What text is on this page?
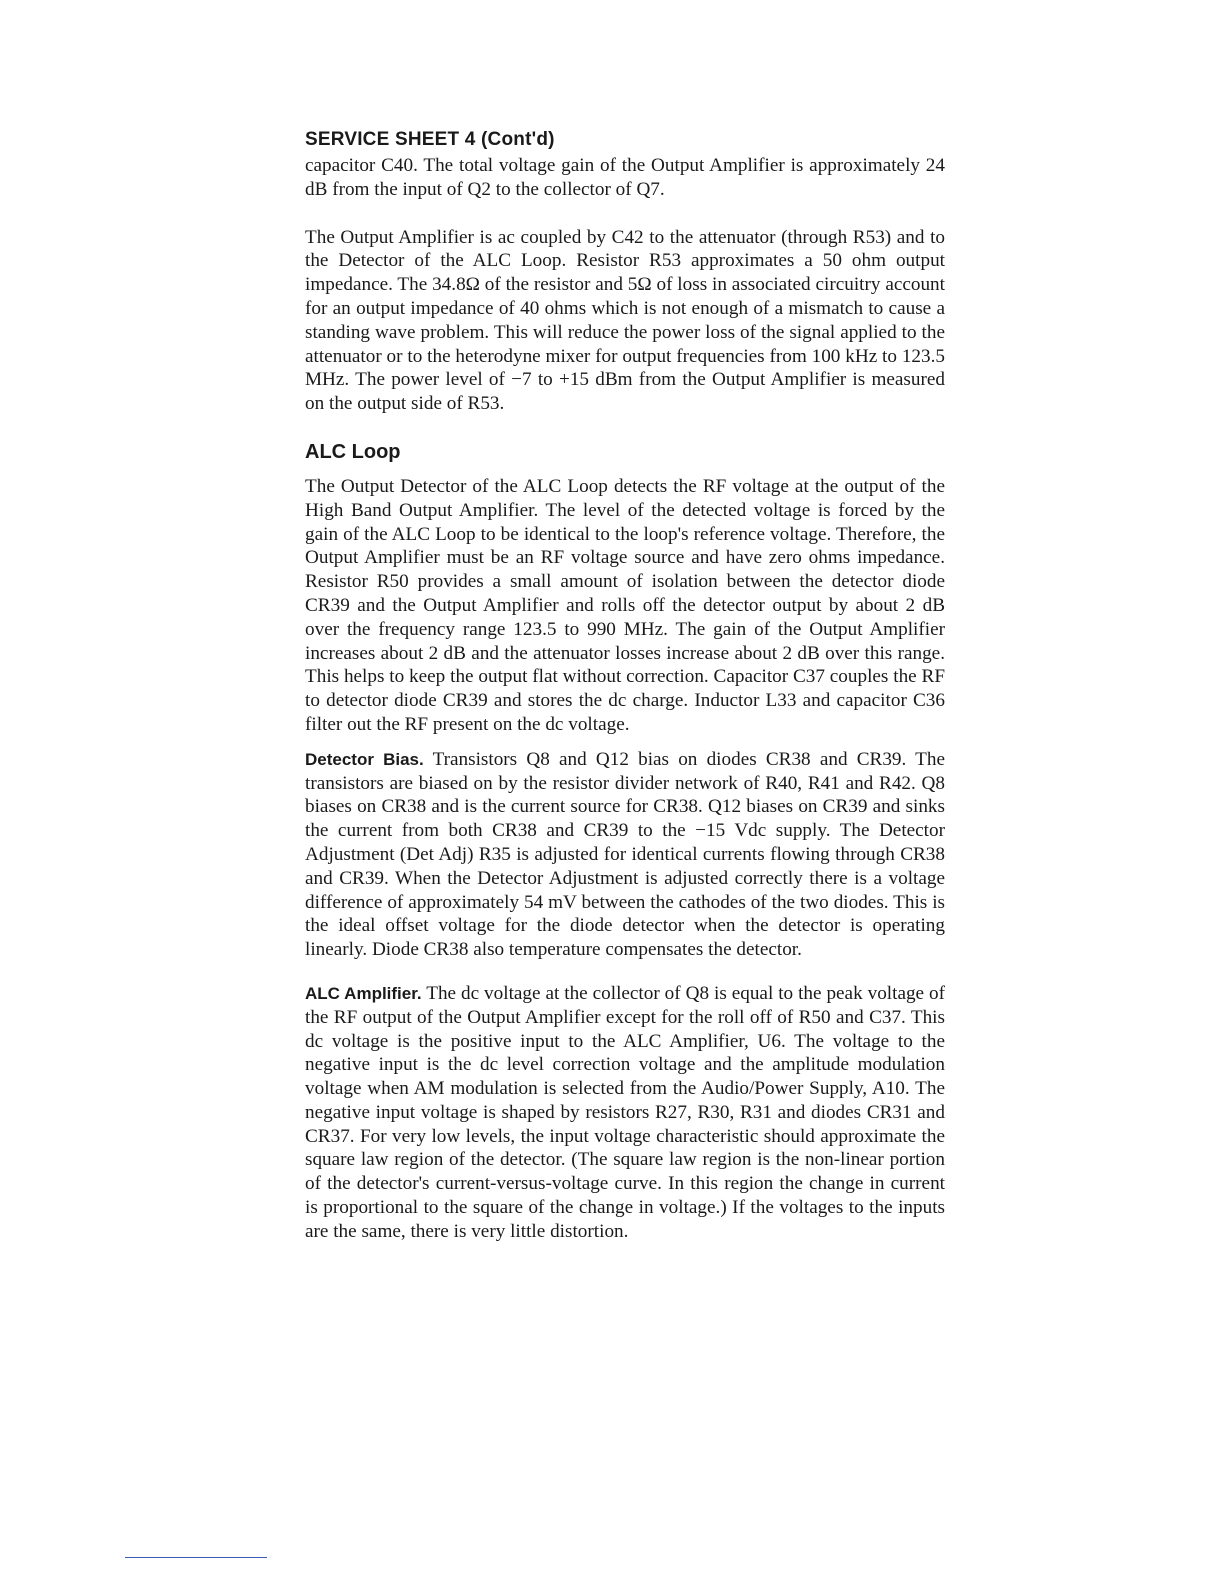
SERVICE SHEET 4 (Cont'd)

capacitor C40. The total voltage gain of the Output Amplifier is approximately 24 dB from the input of Q2 to the collector of Q7.

The Output Amplifier is ac coupled by C42 to the attenuator (through R53) and to the Detector of the ALC Loop. Resistor R53 approximates a 50 ohm output impedance. The 34.8Ω of the resistor and 5Ω of loss in associated circuitry account for an output impedance of 40 ohms which is not enough of a mismatch to cause a standing wave problem. This will reduce the power loss of the signal applied to the attenuator or to the heterodyne mixer for output frequencies from 100 kHz to 123.5 MHz. The power level of −7 to +15 dBm from the Output Amplifier is measured on the output side of R53.

ALC Loop

The Output Detector of the ALC Loop detects the RF voltage at the output of the High Band Output Amplifier. The level of the detected voltage is forced by the gain of the ALC Loop to be identical to the loop's reference voltage. Therefore, the Output Amplifier must be an RF voltage source and have zero ohms impedance. Resistor R50 provides a small amount of isolation between the detector diode CR39 and the Output Amplifier and rolls off the detector output by about 2 dB over the frequency range 123.5 to 990 MHz. The gain of the Output Amplifier increases about 2 dB and the attenuator losses increase about 2 dB over this range. This helps to keep the output flat without correction. Capacitor C37 couples the RF to detector diode CR39 and stores the dc charge. Inductor L33 and capacitor C36 filter out the RF present on the dc voltage.

Detector Bias. Transistors Q8 and Q12 bias on diodes CR38 and CR39. The transistors are biased on by the resistor divider network of R40, R41 and R42. Q8 biases on CR38 and is the current source for CR38. Q12 biases on CR39 and sinks the current from both CR38 and CR39 to the −15 Vdc supply. The Detector Adjustment (Det Adj) R35 is adjusted for identical currents flowing through CR38 and CR39. When the Detector Adjustment is adjusted correctly there is a voltage difference of approximately 54 mV between the cathodes of the two diodes. This is the ideal offset voltage for the diode detector when the detector is operating linearly. Diode CR38 also temperature compensates the detector.

ALC Amplifier. The dc voltage at the collector of Q8 is equal to the peak voltage of the RF output of the Output Amplifier except for the roll off of R50 and C37. This dc voltage is the positive input to the ALC Amplifier, U6. The voltage to the negative input is the dc level correction voltage and the amplitude modulation voltage when AM modulation is selected from the Audio/Power Supply, A10. The negative input voltage is shaped by resistors R27, R30, R31 and diodes CR31 and CR37. For very low levels, the input voltage characteristic should approximate the square law region of the detector. (The square law region is the non-linear portion of the detector's current-versus-voltage curve. In this region the change in current is proportional to the square of the change in voltage.) If the voltages to the inputs are the same, there is very little distortion.
